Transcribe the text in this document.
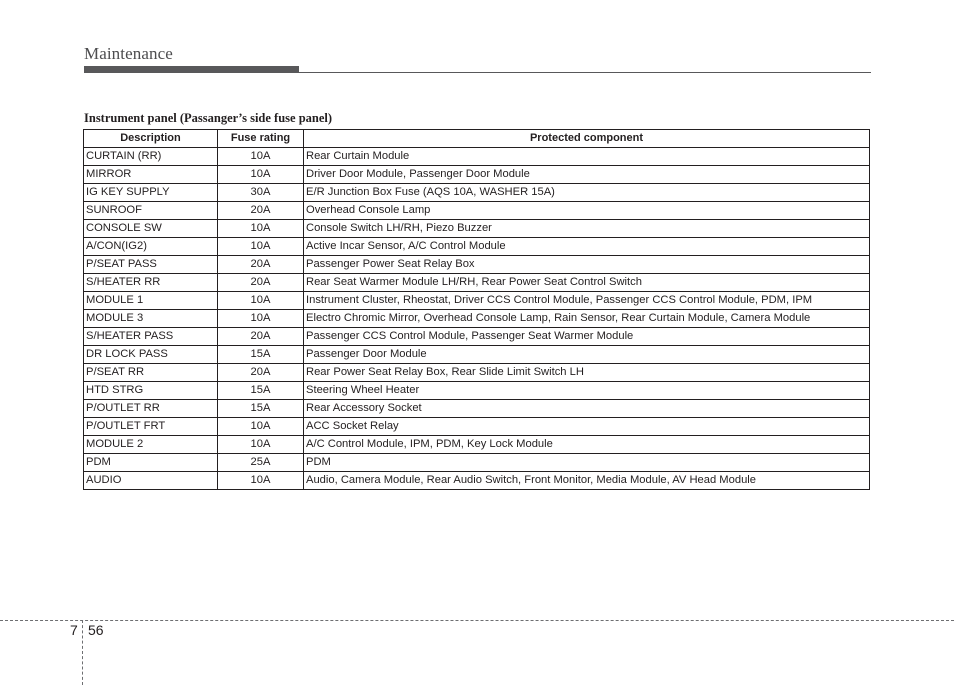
Maintenance
Instrument panel (Passanger’s side fuse panel)
Description	Fuse rating	Protected component
CURTAIN (RR)	10A	Rear Curtain Module
MIRROR	10A	Driver Door Module, Passenger Door Module
IG KEY SUPPLY	30A	E/R Junction Box Fuse (AQS 10A, WASHER 15A)
SUNROOF	20A	Overhead Console Lamp
CONSOLE SW	10A	Console Switch LH/RH, Piezo Buzzer
A/CON(IG2)	10A	Active Incar Sensor, A/C Control Module
P/SEAT PASS	20A	Passenger Power Seat Relay Box
S/HEATER RR	20A	Rear Seat Warmer Module LH/RH, Rear Power Seat Control Switch
MODULE 1	10A	Instrument Cluster, Rheostat, Driver CCS Control Module, Passenger CCS Control Module, PDM, IPM
MODULE 3	10A	Electro Chromic Mirror, Overhead Console Lamp, Rain Sensor, Rear Curtain Module, Camera Module
S/HEATER PASS	20A	Passenger CCS Control Module, Passenger Seat Warmer Module
DR LOCK PASS	15A	Passenger Door Module
P/SEAT RR	20A	Rear Power Seat Relay Box, Rear Slide Limit Switch LH
HTD STRG	15A	Steering Wheel Heater
P/OUTLET RR	15A	Rear Accessory Socket
P/OUTLET FRT	10A	ACC Socket Relay
MODULE 2	10A	A/C Control Module, IPM, PDM, Key Lock Module
PDM	25A	PDM
AUDIO	10A	Audio, Camera Module, Rear Audio Switch, Front Monitor, Media Module, AV Head Module
7 56
